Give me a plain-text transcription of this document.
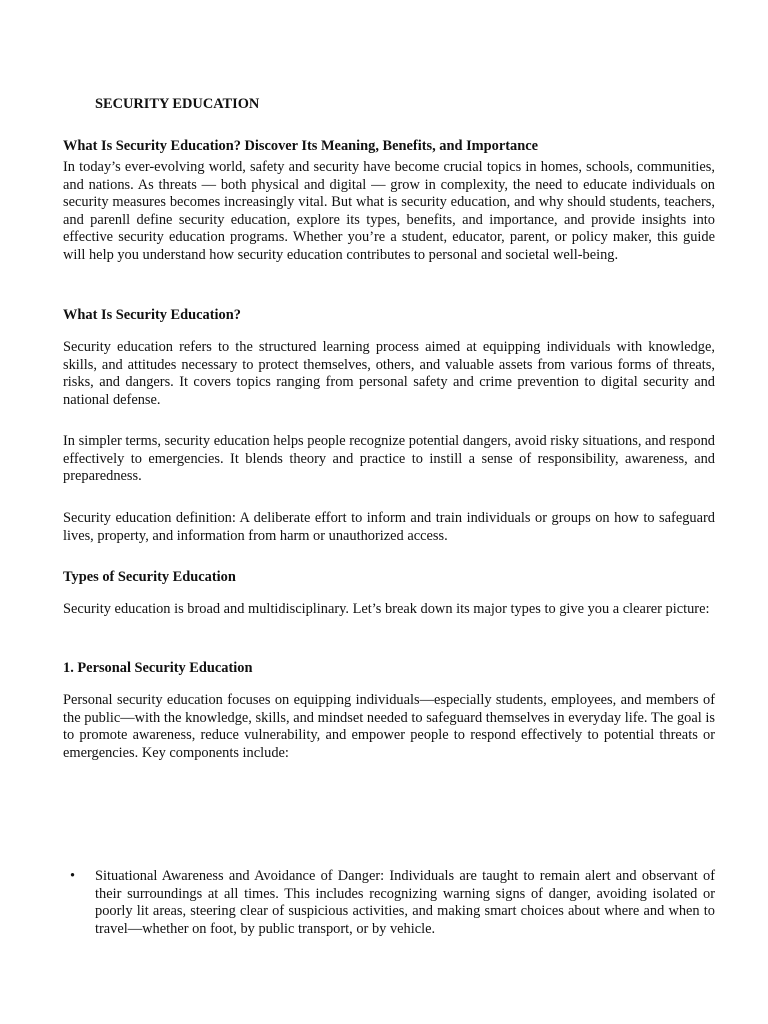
SECURITY EDUCATION
What Is Security Education? Discover Its Meaning, Benefits, and Importance

In today’s ever-evolving world, safety and security have become crucial topics in homes, schools, communities, and nations. As threats — both physical and digital — grow in complexity, the need to educate individuals on security measures becomes increasingly vital. But what is security education, and why should students, teachers, and parenll define security education, explore its types, benefits, and importance, and provide insights into effective security education programs. Whether you’re a student, educator, parent, or policy maker, this guide will help you understand how security education contributes to personal and societal well-being.

What Is Security Education?

Security education refers to the structured learning process aimed at equipping individuals with knowledge, skills, and attitudes necessary to protect themselves, others, and valuable assets from various forms of threats, risks, and dangers. It covers topics ranging from personal safety and crime prevention to digital security and national defense.

In simpler terms, security education helps people recognize potential dangers, avoid risky situations, and respond effectively to emergencies. It blends theory and practice to instill a sense of responsibility, awareness, and preparedness.

Security education definition: A deliberate effort to inform and train individuals or groups on how to safeguard lives, property, and information from harm or unauthorized access.

Types of Security Education

Security education is broad and multidisciplinary. Let’s break down its major types to give you a clearer picture:

1. Personal Security Education

Personal security education focuses on equipping individuals—especially students, employees, and members of the public—with the knowledge, skills, and mindset needed to safeguard themselves in everyday life. The goal is to promote awareness, reduce vulnerability, and empower people to respond effectively to potential threats or emergencies. Key components include:

• Situational Awareness and Avoidance of Danger: Individuals are taught to remain alert and observant of their surroundings at all times. This includes recognizing warning signs of danger, avoiding isolated or poorly lit areas, steering clear of suspicious activities, and making smart choices about where and when to travel—whether on foot, by public transport, or by vehicle.
